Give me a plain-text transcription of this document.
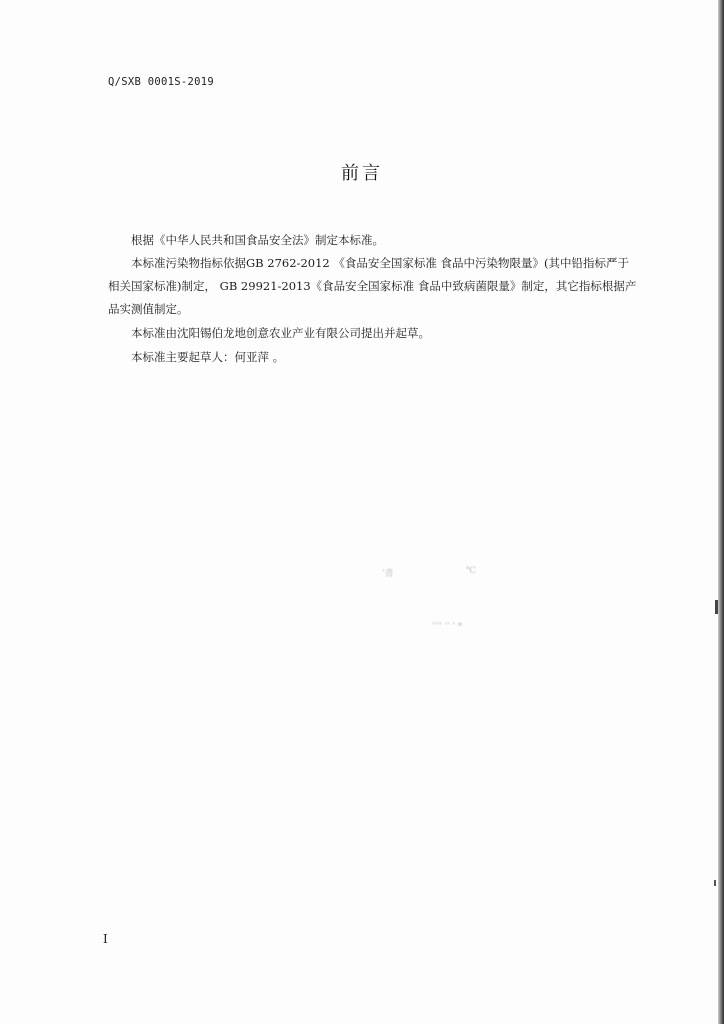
Q/SXB 0001S-2019
前言

根据《中华人民共和国食品安全法》制定本标准。

本标准污染物指标依据GB 2762-2012 《食品安全国家标准 食品中污染物限量》(其中铅指标严于相关国家标准)制定， GB 29921-2013《食品安全国家标准 食品中致病菌限量》制定，其它指标根据产品实测值制定。

本标准由沈阳锡伯龙地创意农业产业有限公司提出并起草。

本标准主要起草人：何亚萍 。

'書	℃
'''' '' ' *
I
